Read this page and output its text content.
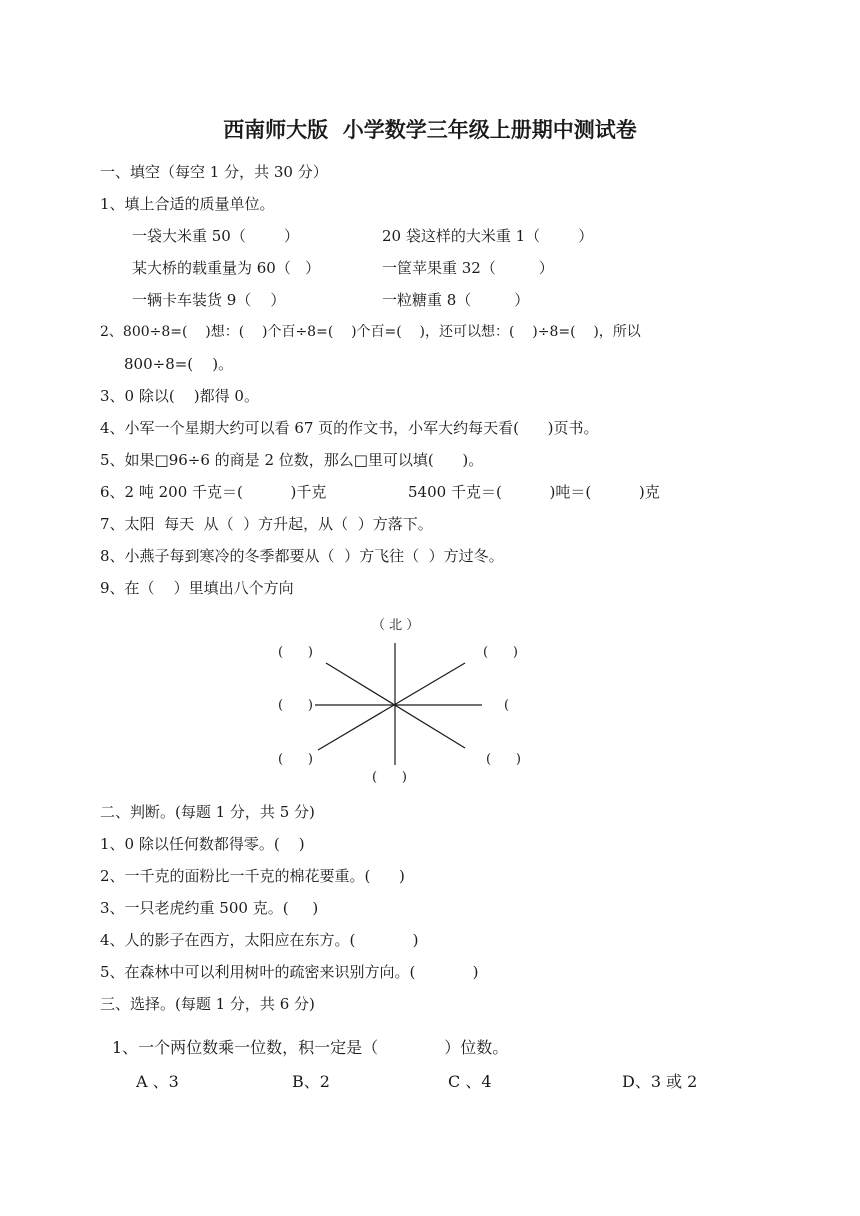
西南师大版  小学数学三年级上册期中测试卷
一、填空（每空 1 分，共 30 分）
1、填上合适的质量单位。
一袋大米重 50（        ）	20 袋这样的大米重 1（        ）
某大桥的载重量为 60（   ）	一筐苹果重 32（         ）
一辆卡车装货 9（    ）	一粒糖重 8（         ）
2、800÷8=(    )想：(    )个百÷8=(    )个百=(    )，还可以想：(    )÷8=(    )，所以
800÷8=(    )。
3、0 除以(    )都得 0。
4、小军一个星期大约可以看 67 页的作文书，小军大约每天看(      )页书。
5、如果□96÷6 的商是 2 位数，那么□里可以填(      )。
6、2 吨 200 千克＝(          )千克	5400 千克＝(          )吨＝(          )克
7、太阳  每天  从（  ）方升起，从（  ）方落下。
8、小燕子每到寒冷的冬季都要从（  ）方飞往（  ）方过冬。
9、在（    ）里填出八个方向
（ 北 ）
(      )	(      )
(      )	(
(      )	(      )
(      )
二、判断。(每题 1 分，共 5 分)
1、0 除以任何数都得零。(    )
2、一千克的面粉比一千克的棉花要重。(      )
3、一只老虎约重 500 克。(     )
4、人的影子在西方，太阳应在东方。(            )
5、在森林中可以利用树叶的疏密来识别方向。(            )
三、选择。(每题 1 分，共 6 分)
1、一个两位数乘一位数，积一定是（             ）位数。
A 、3	B、2	C 、4	D、3 或 2
